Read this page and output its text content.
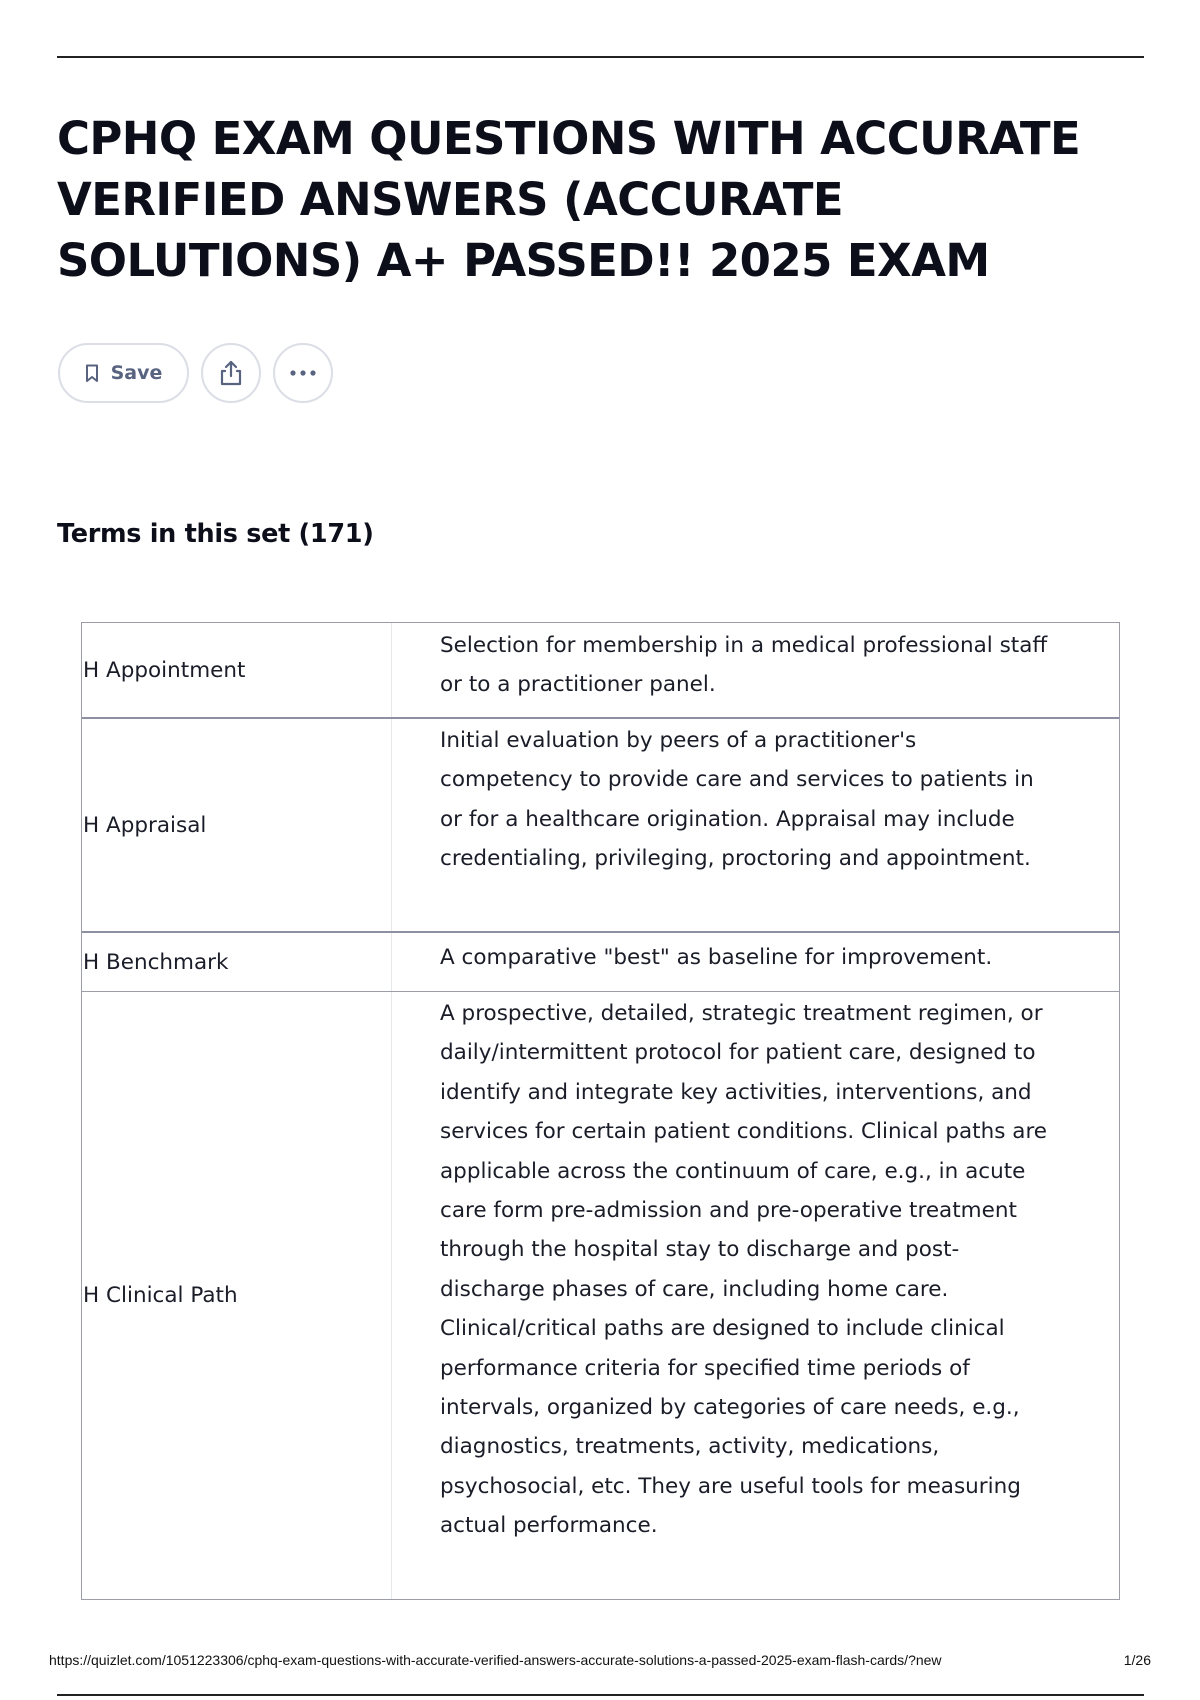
CPHQ EXAM QUESTIONS WITH ACCURATE VERIFIED ANSWERS (ACCURATE SOLUTIONS) A+ PASSED!! 2025 EXAM
Save
Terms in this set (171)
H Appointment
Selection for membership in a medical professional staff or to a practitioner panel.
H Appraisal
Initial evaluation by peers of a practitioner's competency to provide care and services to patients in or for a healthcare origination. Appraisal may include credentialing, privileging, proctoring and appointment.
H Benchmark	A comparative "best" as baseline for improvement.
H Clinical Path
A prospective, detailed, strategic treatment regimen, or daily/intermittent protocol for patient care, designed to identify and integrate key activities, interventions, and services for certain patient conditions. Clinical paths are applicable across the continuum of care, e.g., in acute care form pre-admission and pre-operative treatment through the hospital stay to discharge and post-discharge phases of care, including home care. Clinical/critical paths are designed to include clinical performance criteria for specified time periods of intervals, organized by categories of care needs, e.g., diagnostics, treatments, activity, medications, psychosocial, etc. They are useful tools for measuring actual performance.
https://quizlet.com/1051223306/cphq-exam-questions-with-accurate-verified-answers-accurate-solutions-a-passed-2025-exam-flash-cards/?new	1/26
